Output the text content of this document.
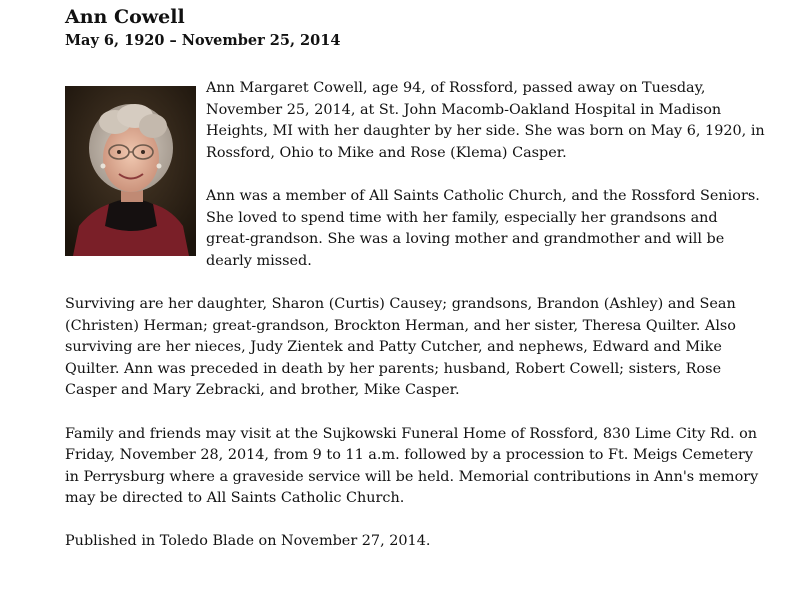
Ann Cowell
May 6, 1920 – November 25, 2014

Ann Margaret Cowell, age 94, of Rossford, passed away on Tuesday, November 25, 2014, at St. John Macomb-Oakland Hospital in Madison Heights, MI with her daughter by her side. She was born on May 6, 1920, in Rossford, Ohio to Mike and Rose (Klema) Casper.

Ann was a member of All Saints Catholic Church, and the Rossford Seniors. She loved to spend time with her family, especially her grandsons and great-grandson. She was a loving mother and grandmother and will be dearly missed.

Surviving are her daughter, Sharon (Curtis) Causey; grandsons, Brandon (Ashley) and Sean (Christen) Herman; great-grandson, Brockton Herman, and her sister, Theresa Quilter. Also surviving are her nieces, Judy Zientek and Patty Cutcher, and nephews, Edward and Mike Quilter. Ann was preceded in death by her parents; husband, Robert Cowell; sisters, Rose Casper and Mary Zebracki, and brother, Mike Casper.

Family and friends may visit at the Sujkowski Funeral Home of Rossford, 830 Lime City Rd. on Friday, November 28, 2014, from 9 to 11 a.m. followed by a procession to Ft. Meigs Cemetery in Perrysburg where a graveside service will be held. Memorial contributions in Ann's memory may be directed to All Saints Catholic Church.

Published in Toledo Blade on November 27, 2014.
